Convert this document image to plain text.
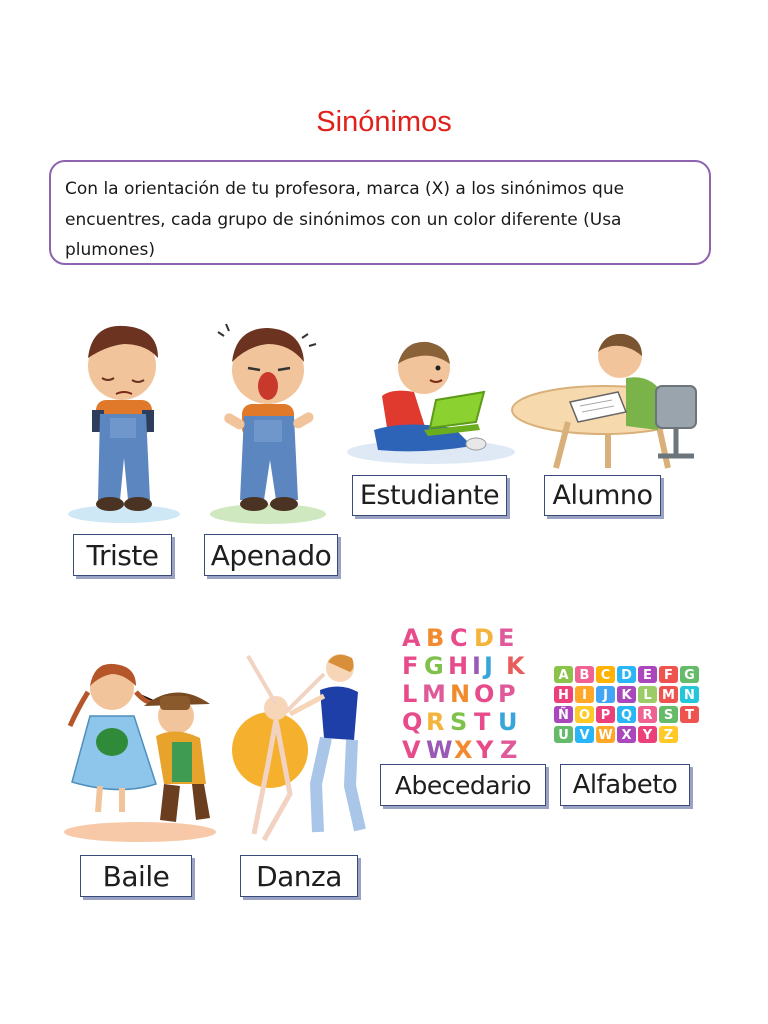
Sinónimos
Con la orientación de tu profesora, marca (X) a los sinónimos que encuentres, cada grupo de sinónimos con un color diferente (Usa plumones)
A B C D E
F G H I J K
L M N O P
Q R S T U
V W X Y Z
A B C D E F G
H I J K L M N
Ñ O P Q R S T
U V W X Y Z
Triste	Apenado
Estudiante	Alumno
Baile	Danza
Abecedario	Alfabeto
